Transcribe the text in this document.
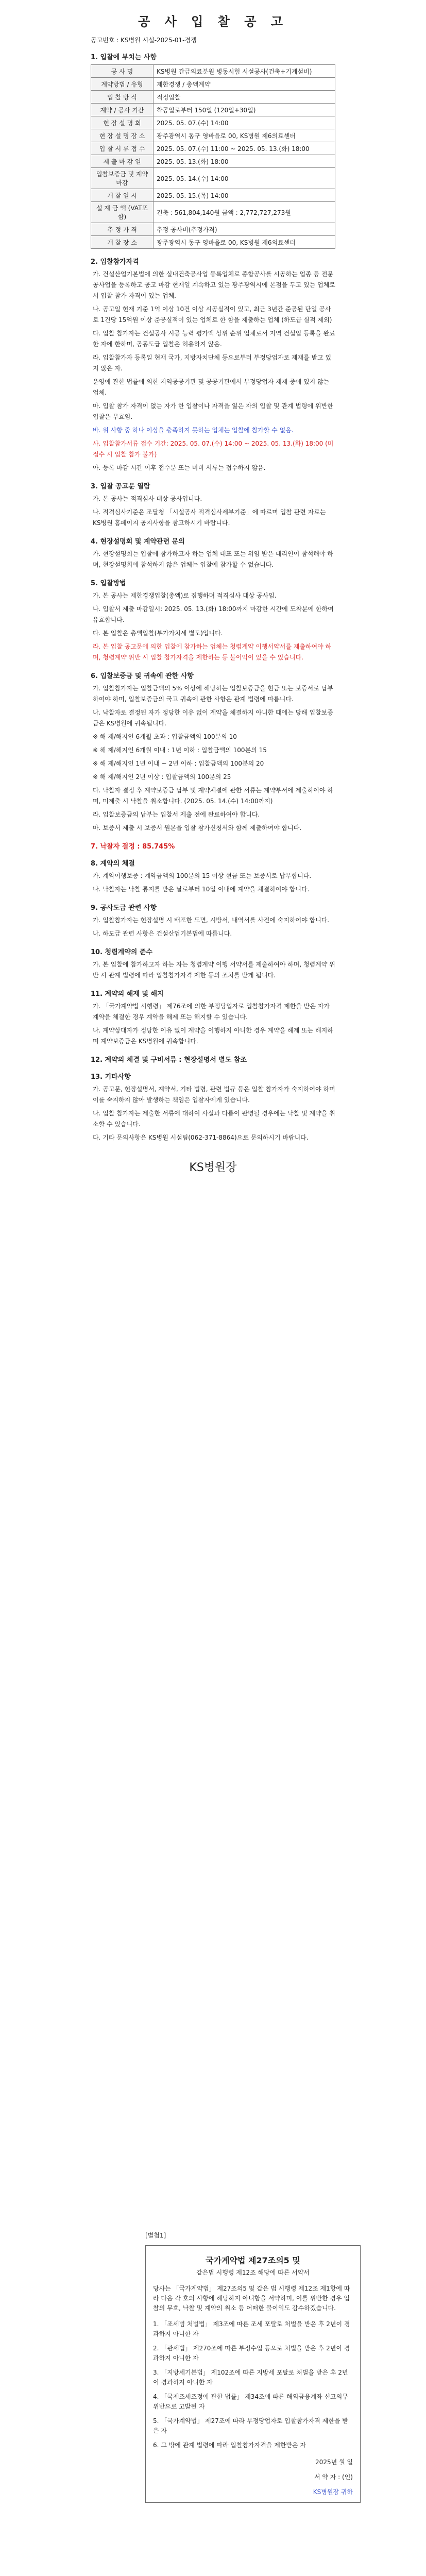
공 사 입 찰 공 고
공고번호 : KS병원 시설-2025-01-경쟁
1. 입찰에 부치는 사항
공 사 명	KS병원 간급의료분원 병동시험 시설공사(건축+기계설비)
계약방법 / 유형	제한경쟁 / 총액계약
입 찰 방 식	적정입찰
계약 / 공사 기간	착공일로부터 150일 (120일+30일)
현 장 설 명 회	2025. 05. 07.(수) 14:00
현 장 설 명 장 소	광주광역시 동구 영바을로 00, KS병원 제6의료센터
입 찰 서 류 접 수	2025. 05. 07.(수) 11:00 ~ 2025. 05. 13.(화) 18:00
제 출 마 감 일	2025. 05. 13.(화) 18:00
입찰보증금 및 계약 마감	2025. 05. 14.(수) 14:00
개 찰 일 시	2025. 05. 15.(목) 14:00
설 계 금 액 (VAT포함)	건축 : 561,804,140원 금액 : 2,772,727,273원
추 정 가 격	추정 공사비(추정가격)
개 찰 장 소	광주광역시 동구 영바을로 00, KS병원 제6의료센터
2. 입찰참가자격
가. 건설산업기본법에 의한 실내건축공사업 등록업체로 종합공사를 시공하는 업종 등 전문공사업을 등록하고 공고 마감 현재일 계속하고 있는 광주광역시에 본점을 두고 있는 업체로서 입찰 참가 자격이 있는 업체.
나. 공고일 현재 기준 1억 이상 10건 이상 시공실적이 있고, 최근 3년간 준공된 단일 공사로 1건당 15억원 이상 준공실적이 있는 업체로 한 함을 제출하는 업체 (하도급 실적 제외)
다. 입찰 참가자는 건설공사 시공 능력 평가액 상위 순위 업체로서 지역 건설업 등록을 완료한 자에 한하며, 공동도급 입찰은 허용하지 않음.
라. 입찰참가자 등록일 현재 국가, 지방자치단체 등으로부터 부정당업자로 제재를 받고 있지 않은 자.
운영에 관한 법률에 의한 지역공공기관 및 공공기관에서 부정당업자 제재 중에 있지 않는 업체.
마. 입찰 참가 자격이 없는 자가 한 입찰이나 자격을 잃은 자의 입찰 및 관계 법령에 위반한 입찰은 무효임.
바. 위 사항 중 하나 이상을 충족하지 못하는 업체는 입찰에 참가할 수 없음.
사. 입찰참가서류 접수 기간: 2025. 05. 07.(수) 14:00 ~ 2025. 05. 13.(화) 18:00 (미접수 시 입찰 참가 불가)
아. 등록 마감 시간 이후 접수분 또는 미비 서류는 접수하지 않음.
3. 입찰 공고문 열람
가. 본 공사는 적격심사 대상 공사입니다.
나. 적격심사기준은 조달청 「시설공사 적격심사세부기준」에 따르며 입찰 관련 자료는 KS병원 홈페이지 공지사항을 참고하시기 바랍니다.
4. 현장설명회 및 계약관련 문의
가. 현장설명회는 입찰에 참가하고자 하는 업체 대표 또는 위임 받은 대리인이 참석해야 하며, 현장설명회에 참석하지 않은 업체는 입찰에 참가할 수 없습니다.
5. 입찰방법
가. 본 공사는 제한경쟁입찰(총액)로 집행하며 적격심사 대상 공사임.
나. 입찰서 제출 마감일시: 2025. 05. 13.(화) 18:00까지 마감한 시간에 도착분에 한하여 유효합니다.
다. 본 입찰은 총액입찰(부가가치세 별도)입니다.
라. 본 입찰 공고문에 의한 입찰에 참가하는 업체는 청렴계약 이행서약서를 제출하여야 하며, 청렴계약 위반 시 입찰 참가자격을 제한하는 등 불이익이 있을 수 있습니다.
6. 입찰보증금 및 귀속에 관한 사항
가. 입찰참가자는 입찰금액의 5% 이상에 해당하는 입찰보증금을 현금 또는 보증서로 납부하여야 하며, 입찰보증금의 국고 귀속에 관한 사항은 관계 법령에 따릅니다.
나. 낙찰자로 결정된 자가 정당한 이유 없이 계약을 체결하지 아니한 때에는 당해 입찰보증금은 KS병원에 귀속됩니다.
※ 해 제/해지인 6개월 초과 : 입찰금액의 100분의 10
※ 해 제/해지인 6개월 이내 : 1년 이하 : 입찰금액의 100분의 15
※ 해 제/해지인 1년 이내 ~ 2년 이하 : 입찰금액의 100분의 20
※ 해 제/해지인 2년 이상 : 입찰금액의 100분의 25
다. 낙찰자 결정 후 계약보증금 납부 및 계약체결에 관한 서류는 계약부서에 제출하여야 하며, 미제출 시 낙찰을 취소합니다. (2025. 05. 14.(수) 14:00까지)
라. 입찰보증금의 납부는 입찰서 제출 전에 완료하여야 합니다.
마. 보증서 제출 시 보증서 원본을 입찰 참가신청서와 함께 제출하여야 합니다.
7. 낙찰자 결정 : 85.745%
8. 계약의 체결
가. 계약이행보증 : 계약금액의 100분의 15 이상 현금 또는 보증서로 납부합니다.
나. 낙찰자는 낙찰 통지를 받은 날로부터 10일 이내에 계약을 체결하여야 합니다.
9. 공사도급 관련 사항
가. 입찰참가자는 현장설명 시 배포한 도면, 시방서, 내역서를 사전에 숙지하여야 합니다.
나. 하도급 관련 사항은 건설산업기본법에 따릅니다.
10. 청렴계약의 준수
가. 본 입찰에 참가하고자 하는 자는 청렴계약 이행 서약서를 제출하여야 하며, 청렴계약 위반 시 관계 법령에 따라 입찰참가자격 제한 등의 조치를 받게 됩니다.
11. 계약의 해제 및 해지
가. 「국가계약법 시행령」 제76조에 의한 부정당업자로 입찰참가자격 제한을 받은 자가 계약을 체결한 경우 계약을 해제 또는 해지할 수 있습니다.
나. 계약상대자가 정당한 이유 없이 계약을 이행하지 아니한 경우 계약을 해제 또는 해지하며 계약보증금은 KS병원에 귀속합니다.
12. 계약의 체결 및 구비서류 : 현장설명서 별도 참조
13. 기타사항
가. 공고문, 현장설명서, 계약서, 기타 법령, 관련 법규 등은 입찰 참가자가 숙지하여야 하며 이를 숙지하지 않아 발생하는 책임은 입찰자에게 있습니다.
나. 입찰 참가자는 제출한 서류에 대하여 사실과 다름이 판명될 경우에는 낙찰 및 계약을 취소할 수 있습니다.
다. 기타 문의사항은 KS병원 시설팀(062-371-8864)으로 문의하시기 바랍니다.
KS병원장
[별첨1]
국가계약법 제27조의5 및
같은법 시행령 제12조 해당에 따른 서약서

당사는 「국가계약법」 제27조의5 및 같은 법 시행령 제12조 제1항에 따라 다음 각 호의 사항에 해당하지 아니함을 서약하며, 이를 위반한 경우 입찰의 무효, 낙찰 및 계약의 취소 등 어떠한 불이익도 감수하겠습니다.

1. 「조세범 처벌법」 제3조에 따른 조세 포탈로 처벌을 받은 후 2년이 경과하지 아니한 자
2. 「관세법」 제270조에 따른 부정수입 등으로 처벌을 받은 후 2년이 경과하지 아니한 자
3. 「지방세기본법」 제102조에 따른 지방세 포탈로 처벌을 받은 후 2년이 경과하지 아니한 자
4. 「국제조세조정에 관한 법률」 제34조에 따른 해외금융계좌 신고의무 위반으로 고발된 자
5. 「국가계약법」 제27조에 따라 부정당업자로 입찰참가자격 제한을 받은 자
6. 그 밖에 관계 법령에 따라 입찰참가자격을 제한받은 자
2025년 월 일
서 약 자 : (인)
KS병원장 귀하
